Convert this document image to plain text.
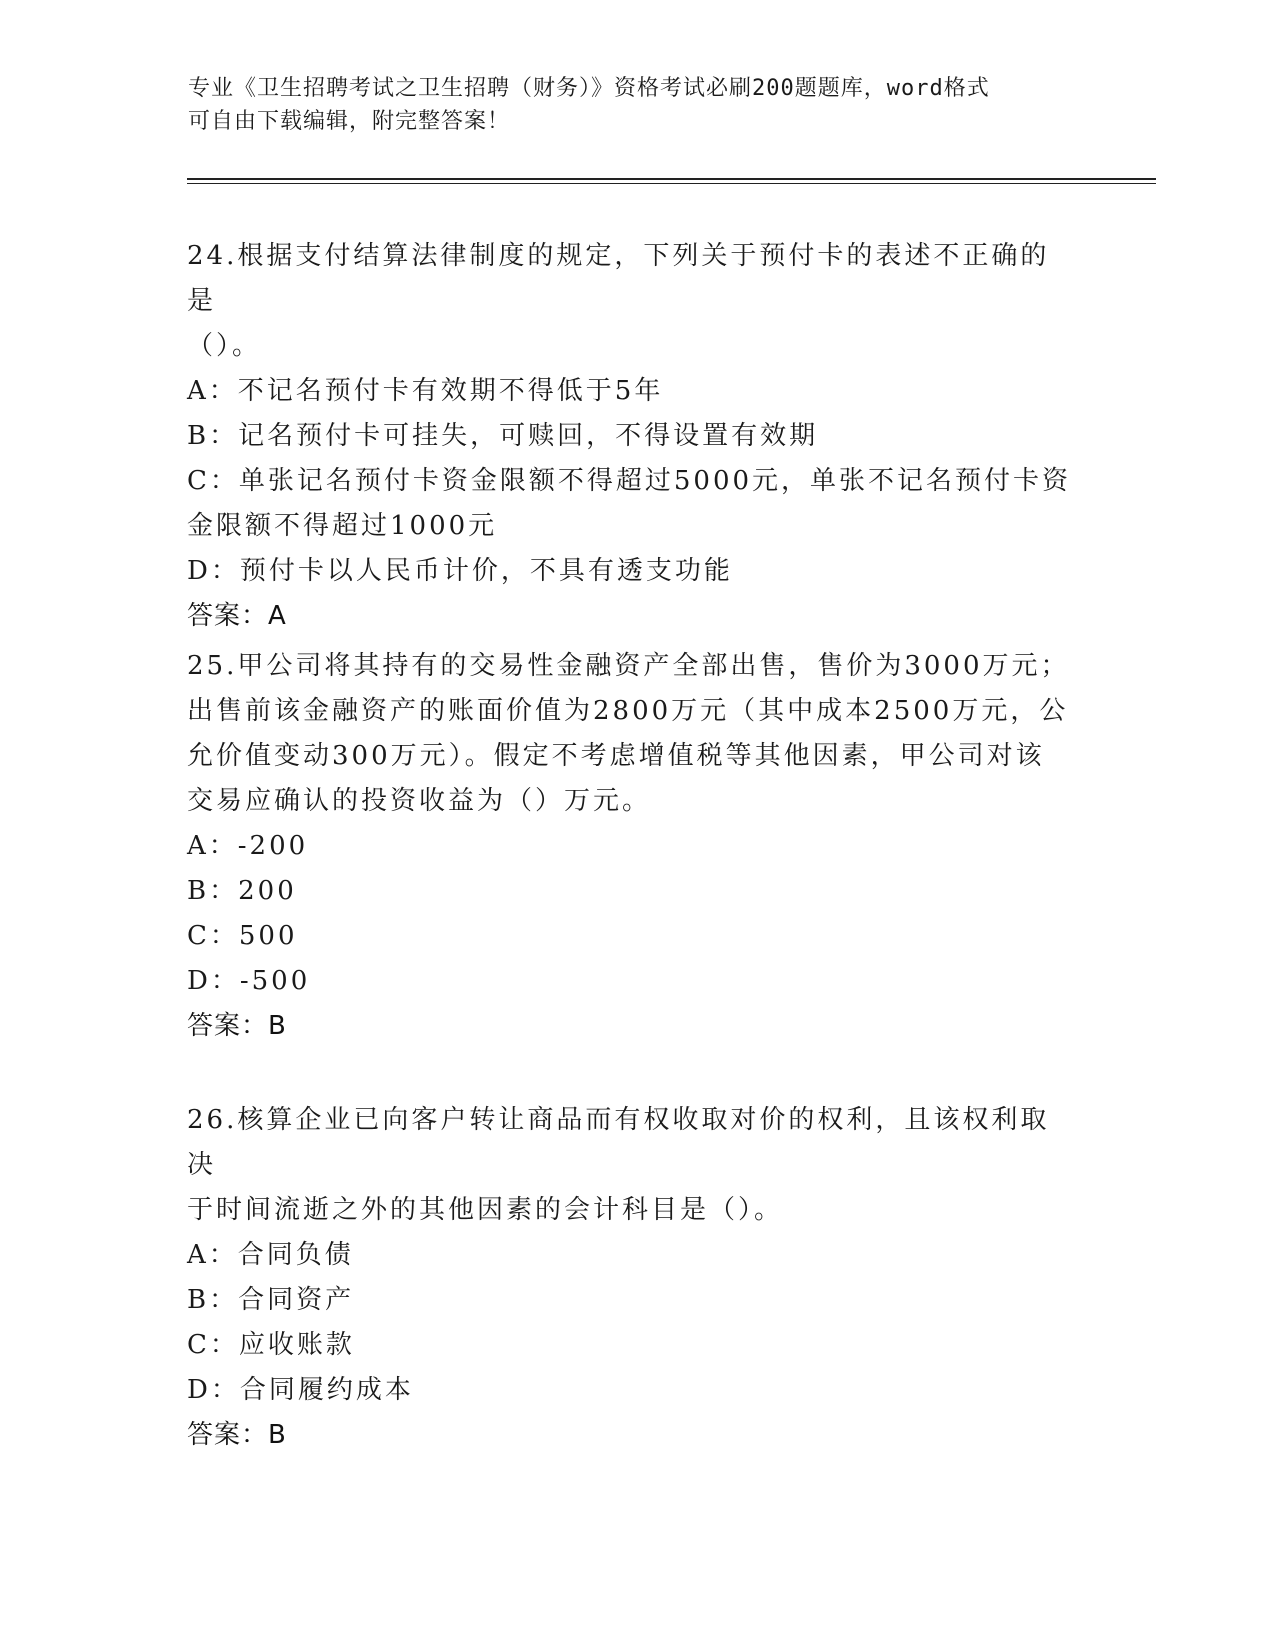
专业《卫生招聘考试之卫生招聘（财务）》资格考试必刷200题题库，word格式
可自由下载编辑，附完整答案！

24.根据支付结算法律制度的规定，下列关于预付卡的表述不正确的是

（）。

A：不记名预付卡有效期不得低于5年

B：记名预付卡可挂失，可赎回，不得设置有效期

C：单张记名预付卡资金限额不得超过5000元，单张不记名预付卡资

金限额不得超过1000元

D：预付卡以人民币计价，不具有透支功能

答案：A

25.甲公司将其持有的交易性金融资产全部出售，售价为3000万元；

出售前该金融资产的账面价值为2800万元（其中成本2500万元，公

允价值变动300万元）。假定不考虑增值税等其他因素，甲公司对该

交易应确认的投资收益为（）万元。

A：-200

B：200

C：500

D：-500

答案：B

26.核算企业已向客户转让商品而有权收取对价的权利，且该权利取决

于时间流逝之外的其他因素的会计科目是（）。

A：合同负债

B：合同资产

C：应收账款

D：合同履约成本

答案：B
